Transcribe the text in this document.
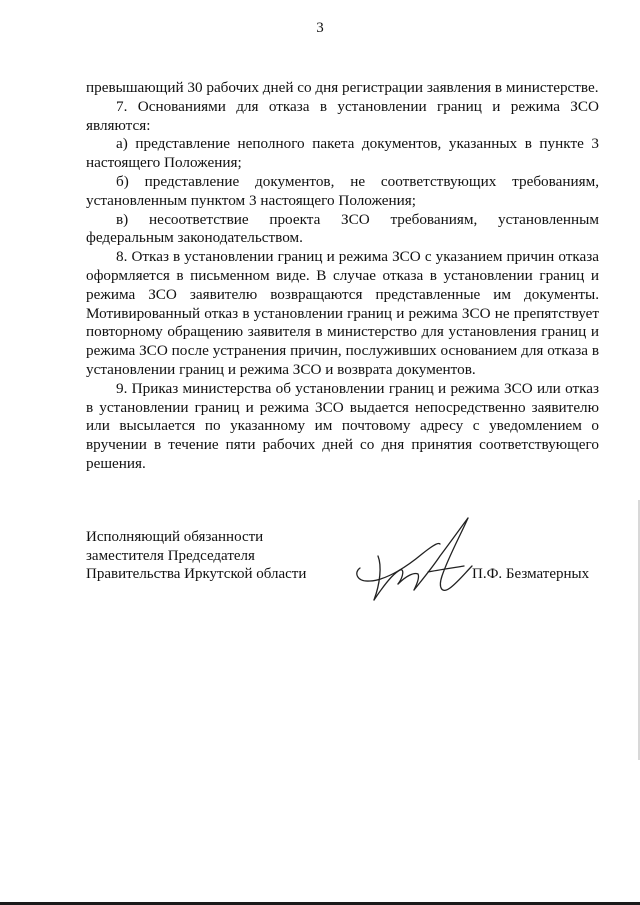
3

превышающий 30 рабочих дней со дня регистрации заявления в министерстве.

7. Основаниями для отказа в установлении границ и режима ЗСО являются:

а) представление неполного пакета документов, указанных в пункте 3 настоящего Положения;

б) представление документов, не соответствующих требованиям, установленным пунктом 3 настоящего Положения;

в) несоответствие проекта ЗСО требованиям, установленным федеральным законодательством.

8. Отказ в установлении границ и режима ЗСО с указанием причин отказа оформляется в письменном виде. В случае отказа в установлении границ и режима ЗСО заявителю возвращаются представленные им документы. Мотивированный отказ в установлении границ и режима ЗСО не препятствует повторному обращению заявителя в министерство для установления границ и режима ЗСО после устранения причин, послуживших основанием для отказа в установлении границ и режима ЗСО и возврата документов.

9. Приказ министерства об установлении границ и режима ЗСО или отказ в установлении границ и режима ЗСО выдается непосредственно заявителю или высылается по указанному им почтовому адресу с уведомлением о вручении в течение пяти рабочих дней со дня принятия соответствующего решения.

Исполняющий обязанности
заместителя Председателя
Правительства Иркутской области	П.Ф. Безматерных
